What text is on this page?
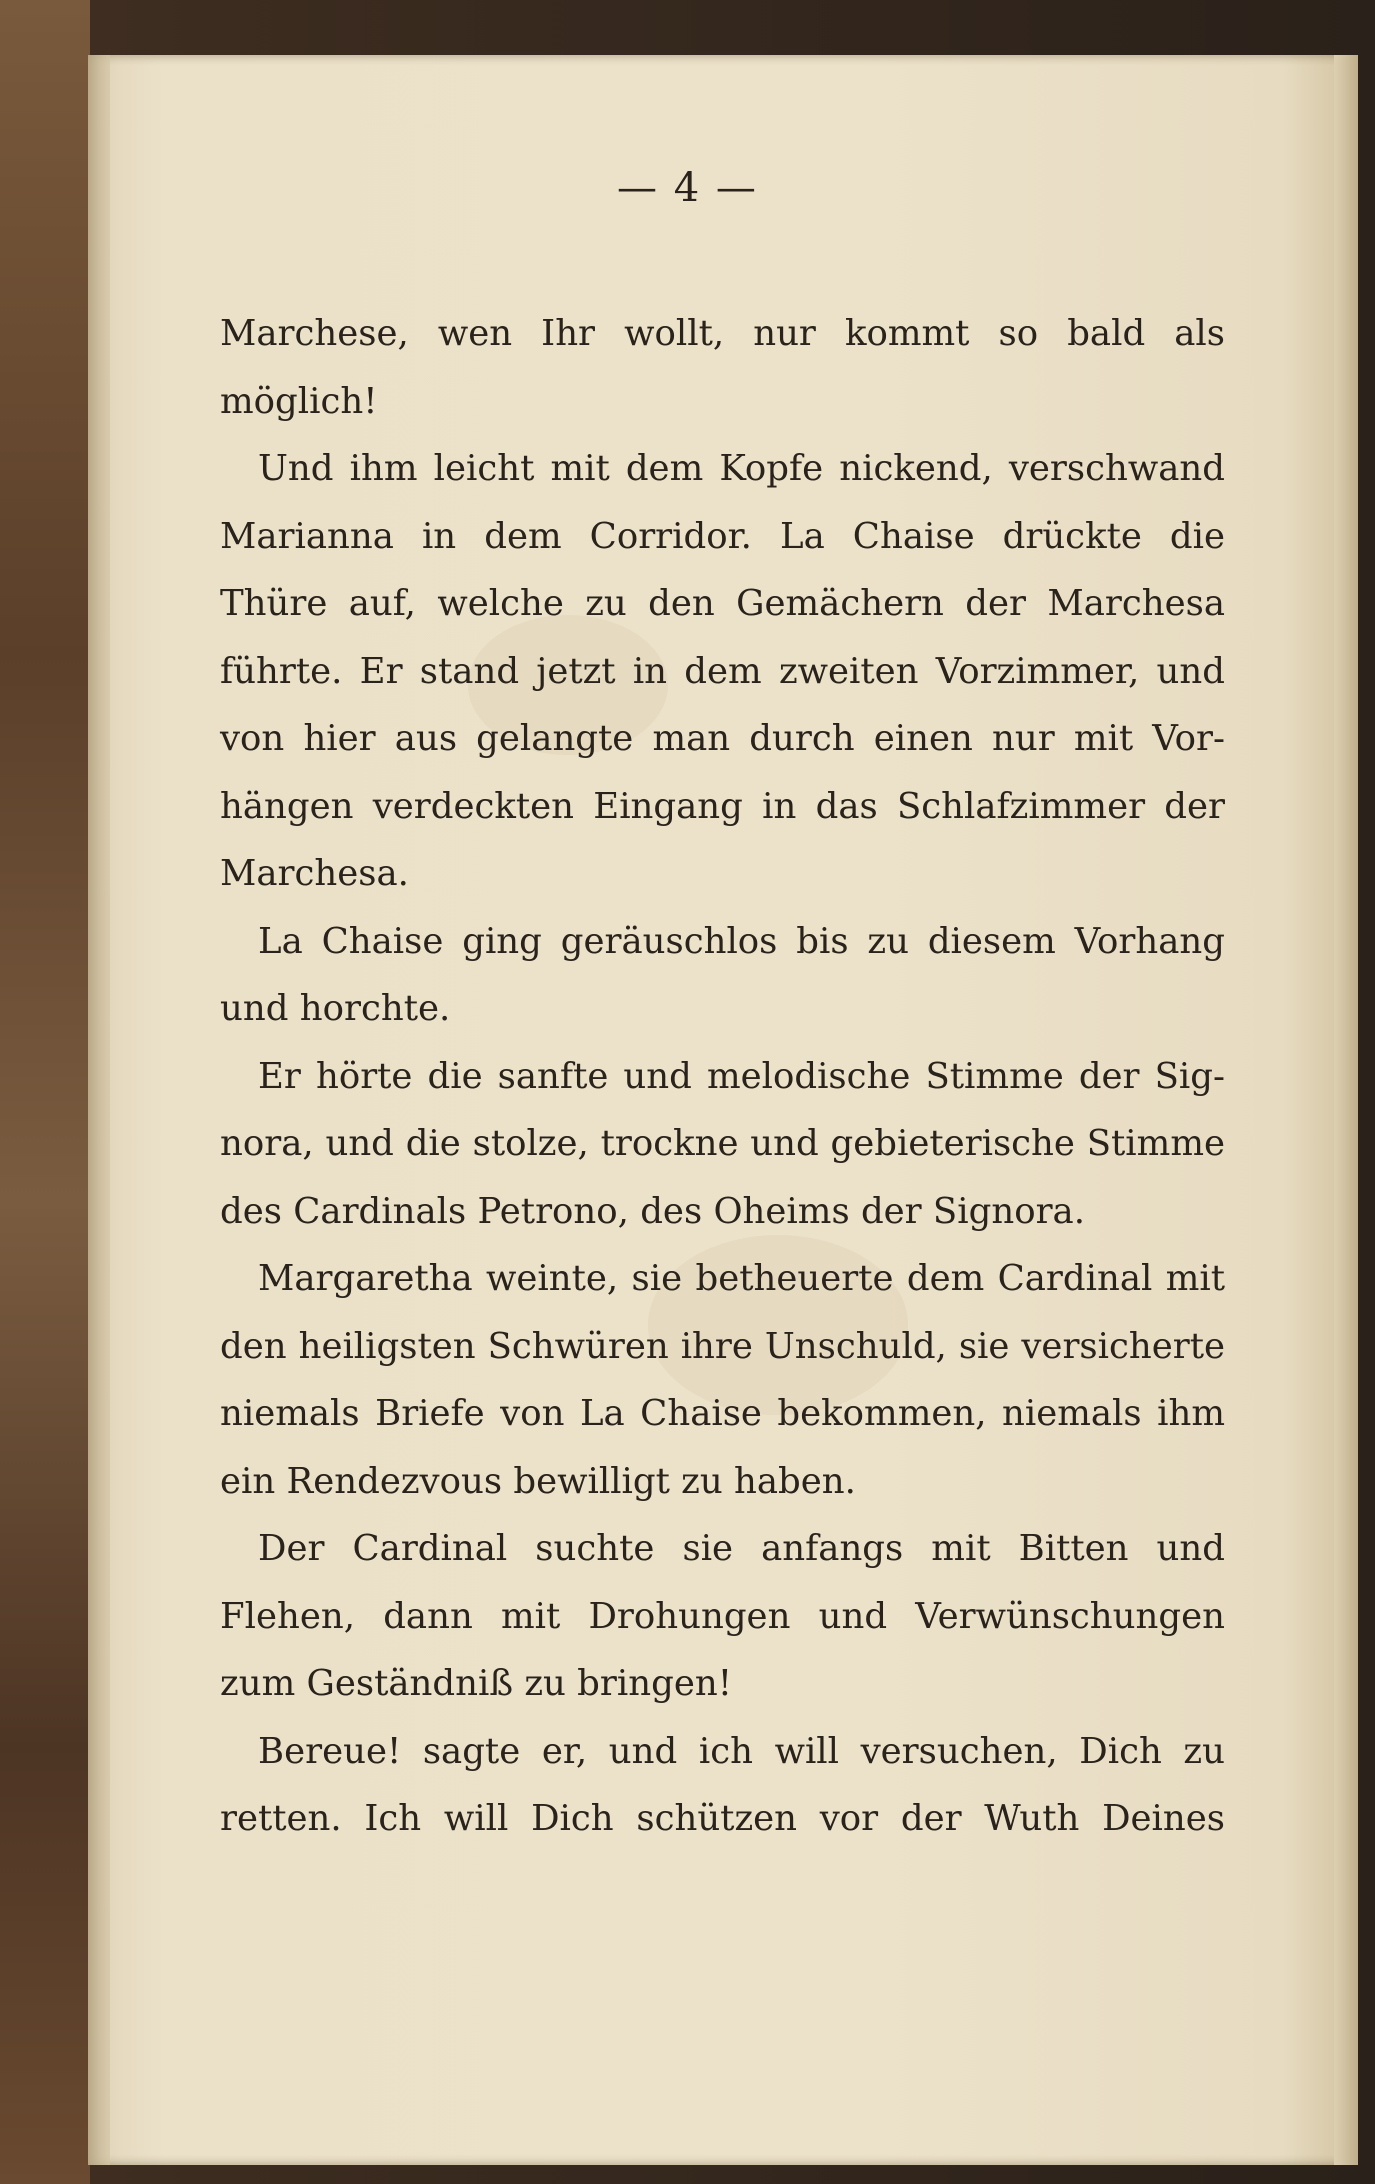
— 4 —
Marchese, wen Ihr wollt, nur kommt so bald als
möglich!
Und ihm leicht mit dem Kopfe nickend, verschwand
Marianna in dem Corridor. La Chaise drückte die
Thüre auf, welche zu den Gemächern der Marchesa
führte. Er stand jetzt in dem zweiten Vorzimmer, und
von hier aus gelangte man durch einen nur mit Vor-
hängen verdeckten Eingang in das Schlafzimmer der
Marchesa.
La Chaise ging geräuschlos bis zu diesem Vorhang
und horchte.
Er hörte die sanfte und melodische Stimme der Sig-
nora, und die stolze, trockne und gebieterische Stimme
des Cardinals Petrono, des Oheims der Signora.
Margaretha weinte, sie betheuerte dem Cardinal mit
den heiligsten Schwüren ihre Unschuld, sie versicherte
niemals Briefe von La Chaise bekommen, niemals ihm
ein Rendezvous bewilligt zu haben.
Der Cardinal suchte sie anfangs mit Bitten und
Flehen, dann mit Drohungen und Verwünschungen
zum Geständniß zu bringen!
Bereue! sagte er, und ich will versuchen, Dich zu
retten. Ich will Dich schützen vor der Wuth Deines
